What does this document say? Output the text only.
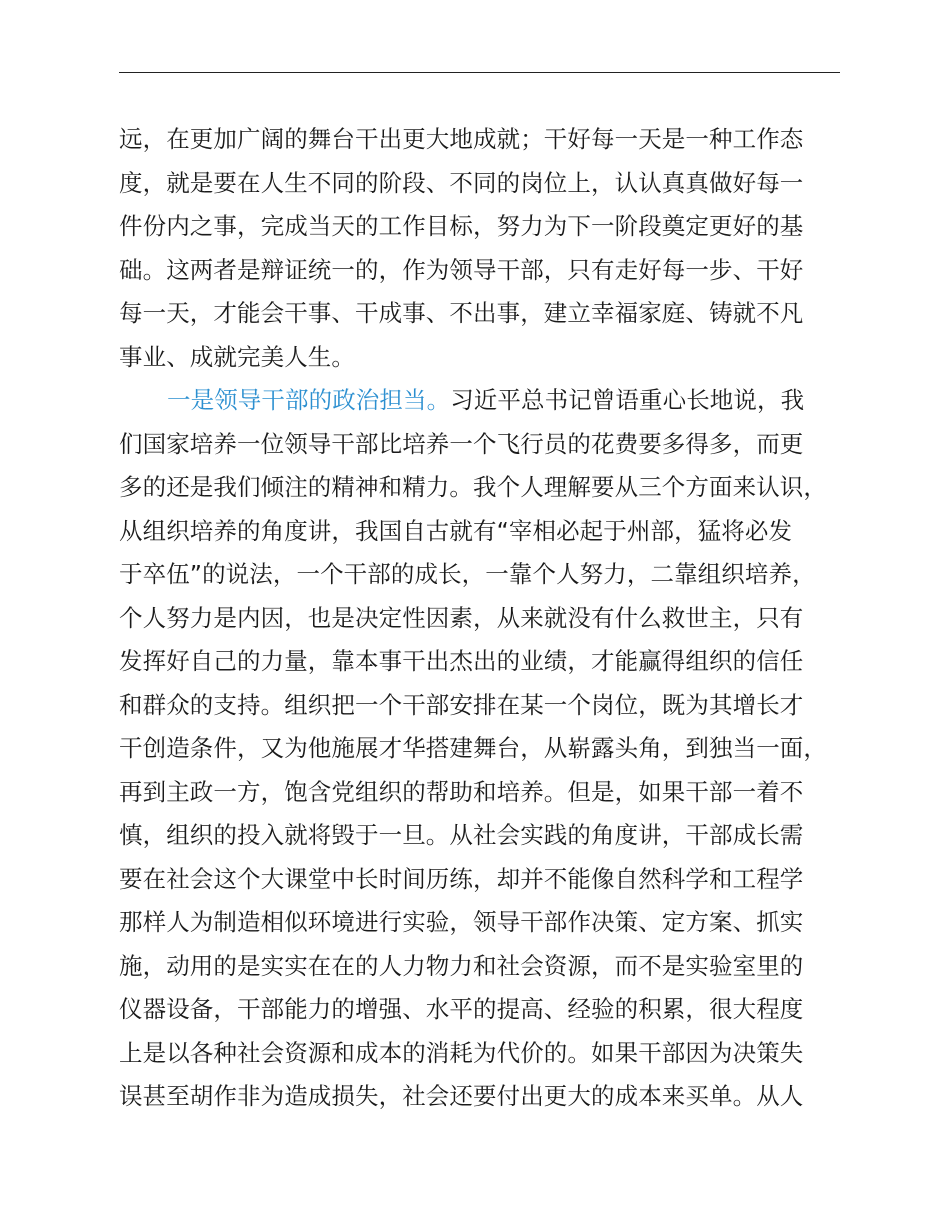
远，在更加广阔的舞台干出更大地成就；干好每一天是一种工作态
度，就是要在人生不同的阶段、不同的岗位上，认认真真做好每一
件份内之事，完成当天的工作目标，努力为下一阶段奠定更好的基
础。这两者是辩证统一的，作为领导干部，只有走好每一步、干好
每一天，才能会干事、干成事、不出事，建立幸福家庭、铸就不凡
事业、成就完美人生。
一是领导干部的政治担当。习近平总书记曾语重心长地说，我
们国家培养一位领导干部比培养一个飞行员的花费要多得多，而更
多的还是我们倾注的精神和精力。我个人理解要从三个方面来认识，
从组织培养的角度讲，我国自古就有“宰相必起于州部，猛将必发
于卒伍”的说法，一个干部的成长，一靠个人努力，二靠组织培养，
个人努力是内因，也是决定性因素，从来就没有什么救世主，只有
发挥好自己的力量，靠本事干出杰出的业绩，才能赢得组织的信任
和群众的支持。组织把一个干部安排在某一个岗位，既为其增长才
干创造条件，又为他施展才华搭建舞台，从崭露头角，到独当一面，
再到主政一方，饱含党组织的帮助和培养。但是，如果干部一着不
慎，组织的投入就将毁于一旦。从社会实践的角度讲，干部成长需
要在社会这个大课堂中长时间历练，却并不能像自然科学和工程学
那样人为制造相似环境进行实验，领导干部作决策、定方案、抓实
施，动用的是实实在在的人力物力和社会资源，而不是实验室里的
仪器设备，干部能力的增强、水平的提高、经验的积累，很大程度
上是以各种社会资源和成本的消耗为代价的。如果干部因为决策失
误甚至胡作非为造成损失，社会还要付出更大的成本来买单。从人
